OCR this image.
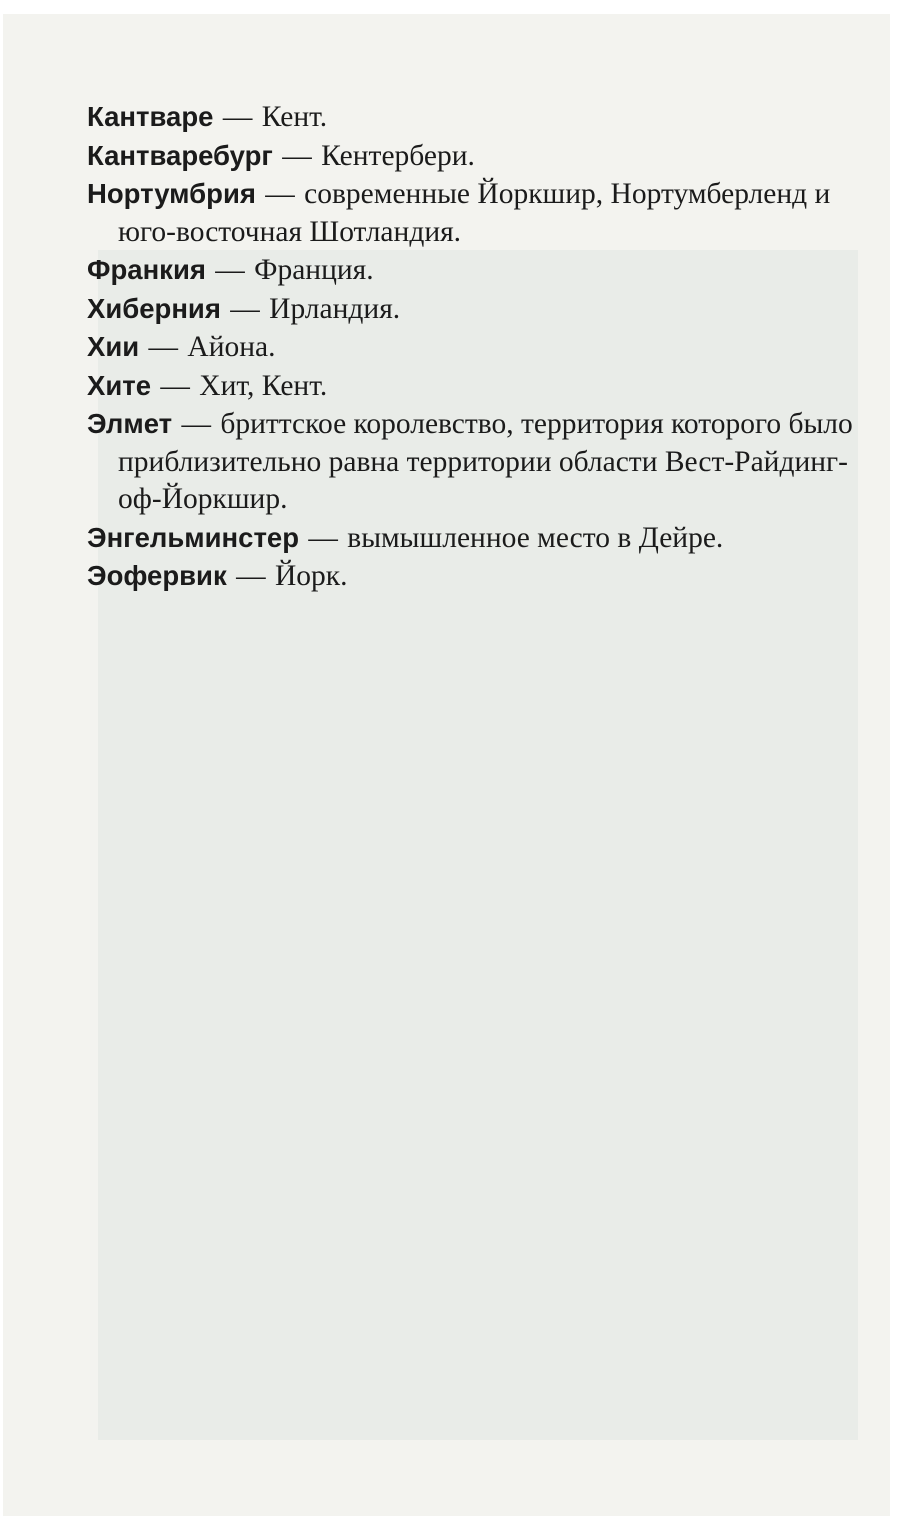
Кантваре — Кент.

Кантваребург — Кентербери.

Нортумбрия — современные Йоркшир, Нортумберленд и юго-восточная Шотландия.

Франкия — Франция.

Хиберния — Ирландия.

Хии — Айона.

Хите — Хит, Кент.

Элмет — бриттское королевство, территория которого было приблизительно равна территории области Вест-Райдинг-оф-Йоркшир.

Энгельминстер — вымышленное место в Дейре.

Эофервик — Йорк.
